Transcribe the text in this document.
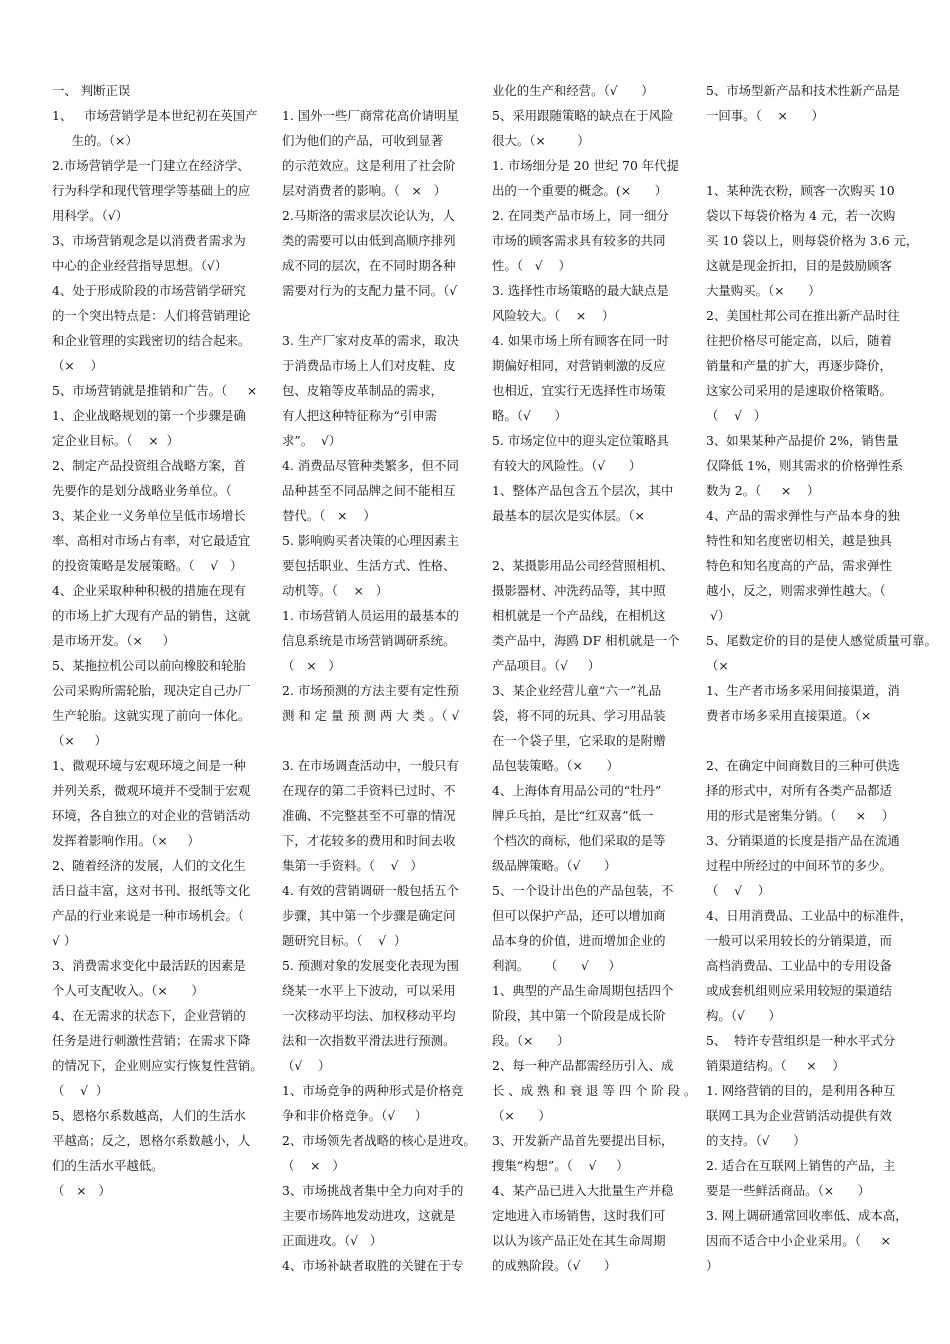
一、 判断正误

1、   市场营销学是本世纪初在英国产

生的。（×）

2.市场营销学是一门建立在经济学、

行为科学和现代管理学等基础上的应

用科学。（√）

3、市场营销观念是以消费者需求为

中心的企业经营指导思想。（√）

4、处于形成阶段的市场营销学研究

的一个突出特点是：人们将营销理论

和企业管理的实践密切的结合起来。

（×    ）

5、市场营销就是推销和广告。（     ×

1、企业战略规划的第一个步骤是确

定企业目标。（    ×  ）

2、制定产品投资组合战略方案，首

先要作的是划分战略业务单位。（

3、某企业一义务单位呈低市场增长

率、高相对市场占有率，对它最适宜

的投资策略是发展策略。（    √   ）

4、企业采取种种积极的措施在现有

的市场上扩大现有产品的销售，这就

是市场开发。（×     ）

5、某拖拉机公司以前向橡胶和轮胎

公司采购所需轮胎，现决定自己办厂

生产轮胎。这就实现了前向一体化。

（×     ）

1、微观环境与宏观环境之间是一种

并列关系，微观环境并不受制于宏观

环境，各自独立的对企业的营销活动

发挥着影响作用。（×     ）

2、随着经济的发展，人们的文化生

活日益丰富，这对书刊、报纸等文化

产品的行业来说是一种市场机会。（

√ ）

3、消费需求变化中最活跃的因素是

个人可支配收入。（×      ）

4、在无需求的状态下，企业营销的

任务是进行刺激性营销；在需求下降

的情况下，企业则应实行恢复性营销。

（    √  ）

5、恩格尔系数越高，人们的生活水

平越高；反之，恩格尔系数越小，人

们的生活水平越低。

（   ×   ）

1. 国外一些厂商常花高价请明星

们为他们的产品，可收到显著

的示范效应。这是利用了社会阶

层对消费者的影响。（   ×   ）

2.马斯洛的需求层次论认为，人

类的需要可以由低到高顺序排列

成不同的层次，在不同时期各种

需要对行为的支配力量不同。（√

3. 生产厂家对皮革的需求，取决

于消费品市场上人们对皮鞋、皮

包、皮箱等皮革制品的需求，

有人把这种特征称为“引申需

求”。  √）

4. 消费品尽管种类繁多，但不同

品种甚至不同品牌之间不能相互

替代。（   ×    ）

5. 影响购买者决策的心理因素主

要包括职业、生活方式、性格、

动机等。（    ×   ）

1. 市场营销人员运用的最基本的

信息系统是市场营销调研系统。

（   ×   ）

2. 市场预测的方法主要有定性预

测 和 定 量 预 测 两 大 类 。（ √

3. 在市场调查活动中，一般只有

在现存的第二手资料已过时、不

准确、不完整甚至不可靠的情况

下，才花较多的费用和时间去收

集第一手资料。（    √   ）

4. 有效的营销调研一般包括五个

步骤，其中第一个步骤是确定问

题研究目标。（    √  ）

5. 预测对象的发展变化表现为围

绕某一水平上下波动，可以采用

一次移动平均法、加权移动平均

法和一次指数平滑法进行预测。

（√    ）

1、市场竞争的两种形式是价格竞

争和非价格竞争。（√     ）

2、市场领先者战略的核心是进攻。

（    ×   ）

3、市场挑战者集中全力向对手的

主要市场阵地发动进攻，这就是

正面进攻。（√   ）

4、市场补缺者取胜的关键在于专

业化的生产和经营。（√      ）

5、采用跟随策略的缺点在于风险

很大。（×        ）

1. 市场细分是 20 世纪 70 年代提

出的一个重要的概念。(×      ）

2. 在同类产品市场上，同一细分

市场的顾客需求具有较多的共同

性。（   √    ）

3. 选择性市场策略的最大缺点是

风险较大。（    ×    ）

4. 如果市场上所有顾客在同一时

期偏好相同，对营销刺激的反应

也相近，宜实行无选择性市场策

略。（√      ）

5. 市场定位中的迎头定位策略具

有较大的风险性。（√      ）

1、整体产品包含五个层次，其中

最基本的层次是实体层。（×

2、某摄影用品公司经营照相机、

摄影器材、冲洗药品等，其中照

相机就是一个产品线，在相机这

类产品中，海鸥 DF 相机就是一个

产品项目。（√     ）

3、某企业经营儿童“六一”礼品

袋，将不同的玩具、学习用品装

在一个袋子里，它采取的是附赠

品包装策略。（×      ）

4、上海体育用品公司的“牡丹”

牌乒乓拍，是比“红双喜”低一

个档次的商标，他们采取的是等

级品牌策略。（√      ）

5、一个设计出色的产品包装，不

但可以保护产品，还可以增加商

品本身的价值，进而增加企业的

利润。    （      √     ）

1、典型的产品生命周期包括四个

阶段，其中第一个阶段是成长阶

段。（×      ）

2、每一种产品都需经历引入、成

长 、成 熟 和 衰 退 等 四 个 阶 段 。

（×      ）

3、开发新产品首先要提出目标，

搜集“构想”。（    √     ）

4、某产品已进入大批量生产并稳

定地进入市场销售，这时我们可

以认为该产品正处在其生命周期

的成熟阶段。（√      ）

5、市场型新产品和技术性新产品是

一回事。（    ×      ）

1、某种洗衣粉，顾客一次购买 10

袋以下每袋价格为 4 元，若一次购

买 10 袋以上，则每袋价格为 3.6 元，

这就是现金折扣，目的是鼓励顾客

大量购买。（×      ）

2、美国杜邦公司在推出新产品时往

往把价格尽可能定高，以后，随着

销量和产量的扩大，再逐步降价，

这家公司采用的是速取价格策略。

（    √   ）

3、如果某种产品提价 2%，销售量

仅降低 1%，则其需求的价格弹性系

数为 2。（     ×    ）

4、产品的需求弹性与产品本身的独

特性和知名度密切相关，越是独具

特色和知名度高的产品，需求弹性

越小，反之，则需求弹性越大。（

√）

5、尾数定价的目的是使人感觉质量可靠。

（×

1、生产者市场多采用间接渠道，消

费者市场多采用直接渠道。（×

2、在确定中间商数目的三种可供选

择的形式中，对所有各类产品都适

用的形式是密集分销。（     ×    ）

3、分销渠道的长度是指产品在流通

过程中所经过的中间环节的多少。

（    √    ）

4、日用消费品、工业品中的标准件，

一般可以采用较长的分销渠道，而

高档消费品、工业品中的专用设备

或成套机组则应采用较短的渠道结

构。（√      ）

5、  特许专营组织是一种水平式分

销渠道结构。（     ×    ）

1. 网络营销的目的，是利用各种互

联网工具为企业营销活动提供有效

的支持。（√      ）

2. 适合在互联网上销售的产品，主

要是一些鲜活商品。（×      ）

3. 网上调研通常回收率低、成本高，

因而不适合中小企业采用。（     ×

）
